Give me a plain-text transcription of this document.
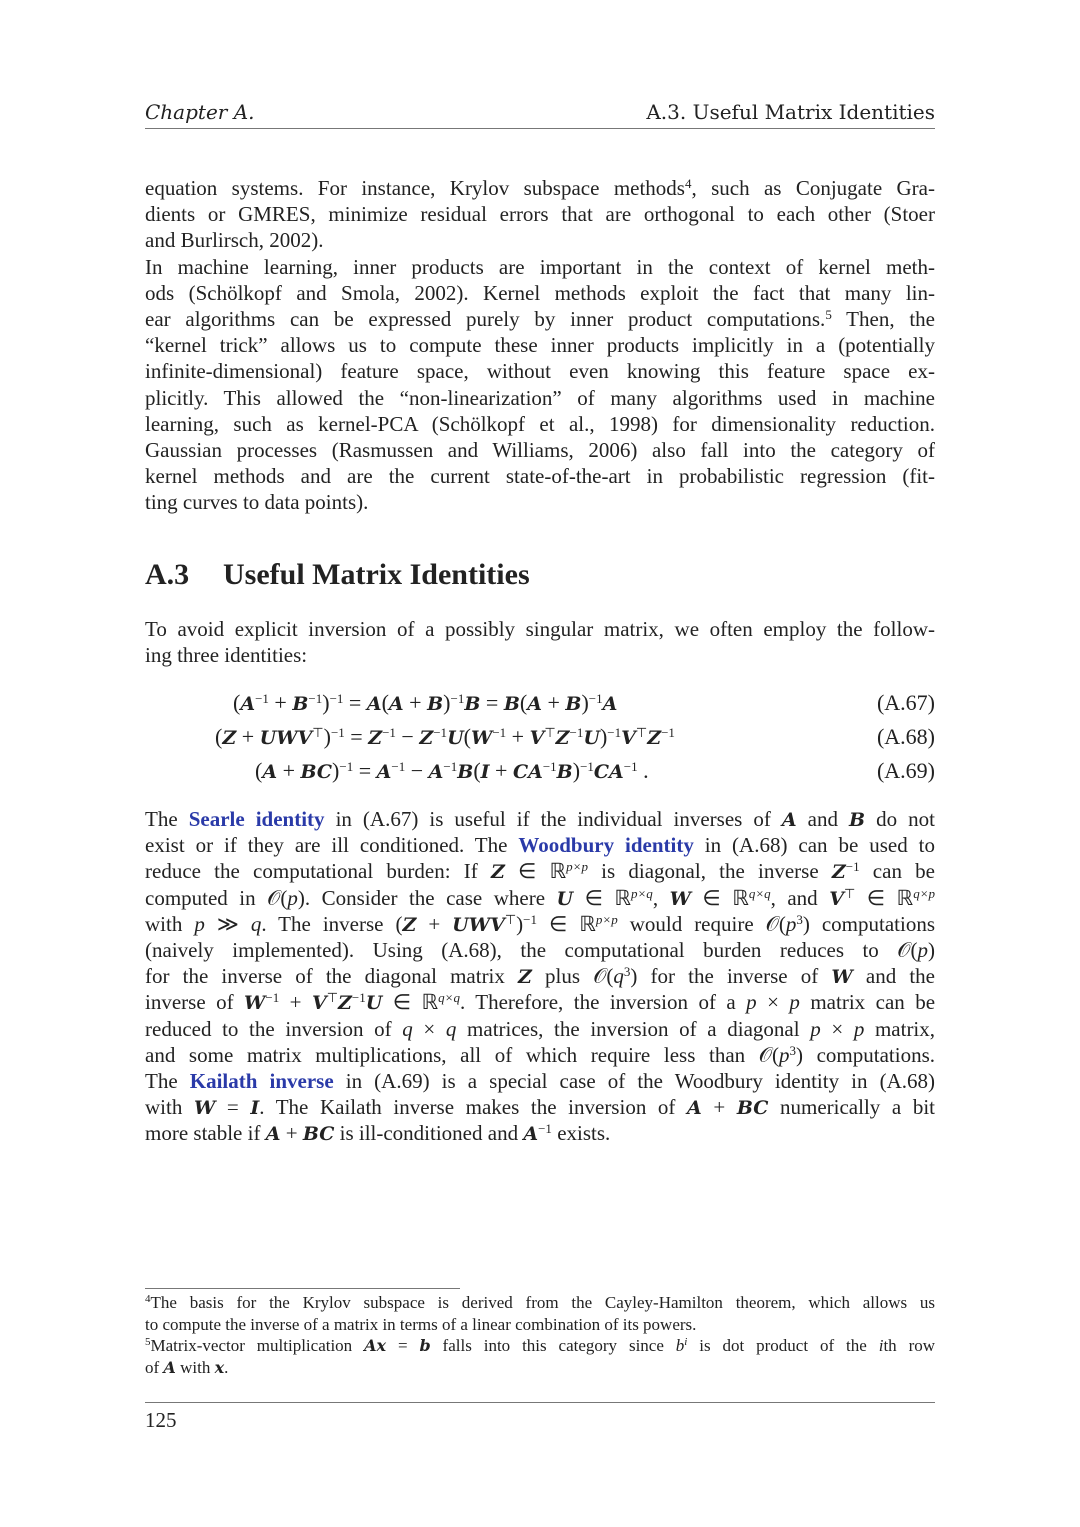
Chapter A.	A.3. Useful Matrix Identities
equation systems. For instance, Krylov subspace methods$^4$, such as Conjugate Gra-
dients or GMRES, minimize residual errors that are orthogonal to each other (Stoer
and Burlirsch, 2002).
In machine learning, inner products are important in the context of kernel meth-
ods (Schölkopf and Smola, 2002). Kernel methods exploit the fact that many lin-
ear algorithms can be expressed purely by inner product computations.$^5$ Then, the
“kernel trick” allows us to compute these inner products implicitly in a (potentially
infinite-dimensional) feature space, without even knowing this feature space ex-
plicitly. This allowed the “non-linearization” of many algorithms used in machine
learning, such as kernel-PCA (Schölkopf et al., 1998) for dimensionality reduction.
Gaussian processes (Rasmussen and Williams, 2006) also fall into the category of
kernel methods and are the current state-of-the-art in probabilistic regression (fit-
ting curves to data points).
A.3 Useful Matrix Identities
To avoid explicit inversion of a possibly singular matrix, we often employ the follow-
ing three identities:
$(A^{-1} + B^{-1})^{-1} = A(A + B)^{-1}B = B(A + B)^{-1}A$	(A.67)
$(Z + UWV^⊤)^{-1} = Z^{-1} - Z^{-1}U(W^{-1} + V^⊤Z^{-1}U)^{-1}V^⊤Z^{-1}$	(A.68)
$(A + BC)^{-1} = A^{-1} - A^{-1}B(I + CA^{-1}B)^{-1}CA^{-1}$ .	(A.69)
The Searle identity in (A.67) is useful if the individual inverses of A and B do not
exist or if they are ill conditioned. The Woodbury identity in (A.68) can be used to
reduce the computational burden: If Z ∈ ℝ$^{p\times p}$ is diagonal, the inverse $Z^{-1}$ can be
computed in 𝒪(p). Consider the case where U ∈ ℝ$^{p\times q}$, W ∈ ℝ$^{q\times q}$, and V⊤ ∈ ℝ$^{q\times p}$
with p ≫ q. The inverse $(Z + UWV^⊤)^{-1}$ ∈ ℝ$^{p\times p}$ would require $𝒪(p^3)$ computations
(naively implemented). Using (A.68), the computational burden reduces to 𝒪(p)
for the inverse of the diagonal matrix Z plus $𝒪(q^3)$ for the inverse of W and the
inverse of $W^{-1} + V^⊤Z^{-1}U$ ∈ ℝ$^{q\times q}$. Therefore, the inversion of a p × p matrix can be
reduced to the inversion of q × q matrices, the inversion of a diagonal p × p matrix,
and some matrix multiplications, all of which require less than $𝒪(p^3)$ computations.
The Kailath inverse in (A.69) is a special case of the Woodbury identity in (A.68)
with W = I. The Kailath inverse makes the inversion of A + BC numerically a bit
more stable if A + BC is ill-conditioned and $A^{-1}$ exists.
$^4$The basis for the Krylov subspace is derived from the Cayley-Hamilton theorem, which allows us
to compute the inverse of a matrix in terms of a linear combination of its powers.
$^5$Matrix-vector multiplication Ax = b falls into this category since $b^i$ is dot product of the ith row
of A with x.
125
